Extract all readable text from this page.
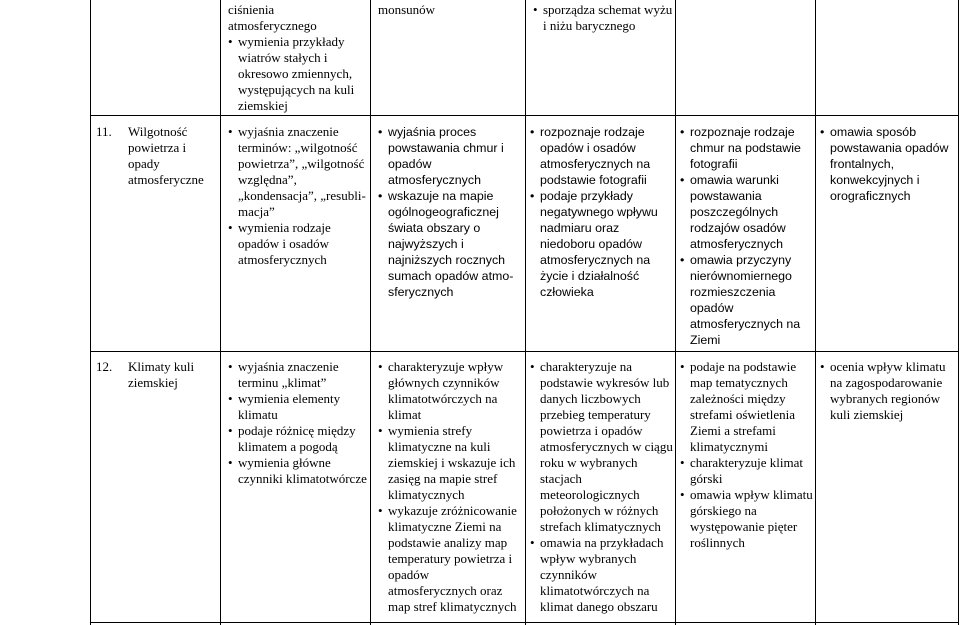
ciśnienia

atmosferycznego

• wymienia przykłady wiatrów stałych i okresowo zmiennych, występujących na kuli ziemskiej

monsunów

•	sporządza schemat wyżu i niżu barycznego
11. Wilgotność powietrza i opady atmosferyczne
• wyjaśnia znaczenie terminów: „wilgotność powietrza”, „wilgotność względna”, „kondensacja”, „resubli-macja”
• wymienia rodzaje opadów i osadów atmosferycznych
• wyjaśnia proces powstawania chmur i opadów atmosferycznych
• wskazuje na mapie ogólnogeograficznej świata obszary o najwyższych i najniższych rocznych sumach opadów atmo-sferycznych
• rozpoznaje rodzaje opadów i osadów atmosferycznych na podstawie fotografii
• podaje przykłady negatywnego wpływu nadmiaru oraz niedoboru opadów atmosferycznych na życie i działalność człowieka
• rozpoznaje rodzaje chmur na podstawie fotografii
• omawia warunki powstawania poszczególnych rodzajów osadów atmosferycznych
• omawia przyczyny nierównomiernego rozmieszczenia opadów atmosferycznych na Ziemi
• omawia sposób powstawania opadów frontalnych, konwekcyjnych i orograficznych
12. Klimaty kuli ziemskiej
• wyjaśnia znaczenie terminu „klimat”
• wymienia elementy klimatu
• podaje różnicę między klimatem a pogodą
• wymienia główne czynniki klimatotwórcze
• charakteryzuje wpływ głównych czynników klimatotwórczych na klimat
• wymienia strefy klimatyczne na kuli ziemskiej i wskazuje ich zasięg na mapie stref klimatycznych
• wykazuje zróżnicowanie klimatyczne Ziemi na podstawie analizy map temperatury powietrza i opadów atmosferycznych oraz map stref klimatycznych
• charakteryzuje na podstawie wykresów lub danych liczbowych przebieg temperatury powietrza i opadów atmosferycznych w ciągu roku w wybranych stacjach meteorologicznych położonych w różnych strefach klimatycznych
• omawia na przykładach wpływ wybranych czynników klimatotwórczych na klimat danego obszaru
• podaje na podstawie map tematycznych zależności między strefami oświetlenia Ziemi a strefami klimatycznymi
• charakteryzuje klimat górski
• omawia wpływ klimatu górskiego na występowanie pięter roślinnych
• ocenia wpływ klimatu na zagospodarowanie wybranych regionów kuli ziemskiej
